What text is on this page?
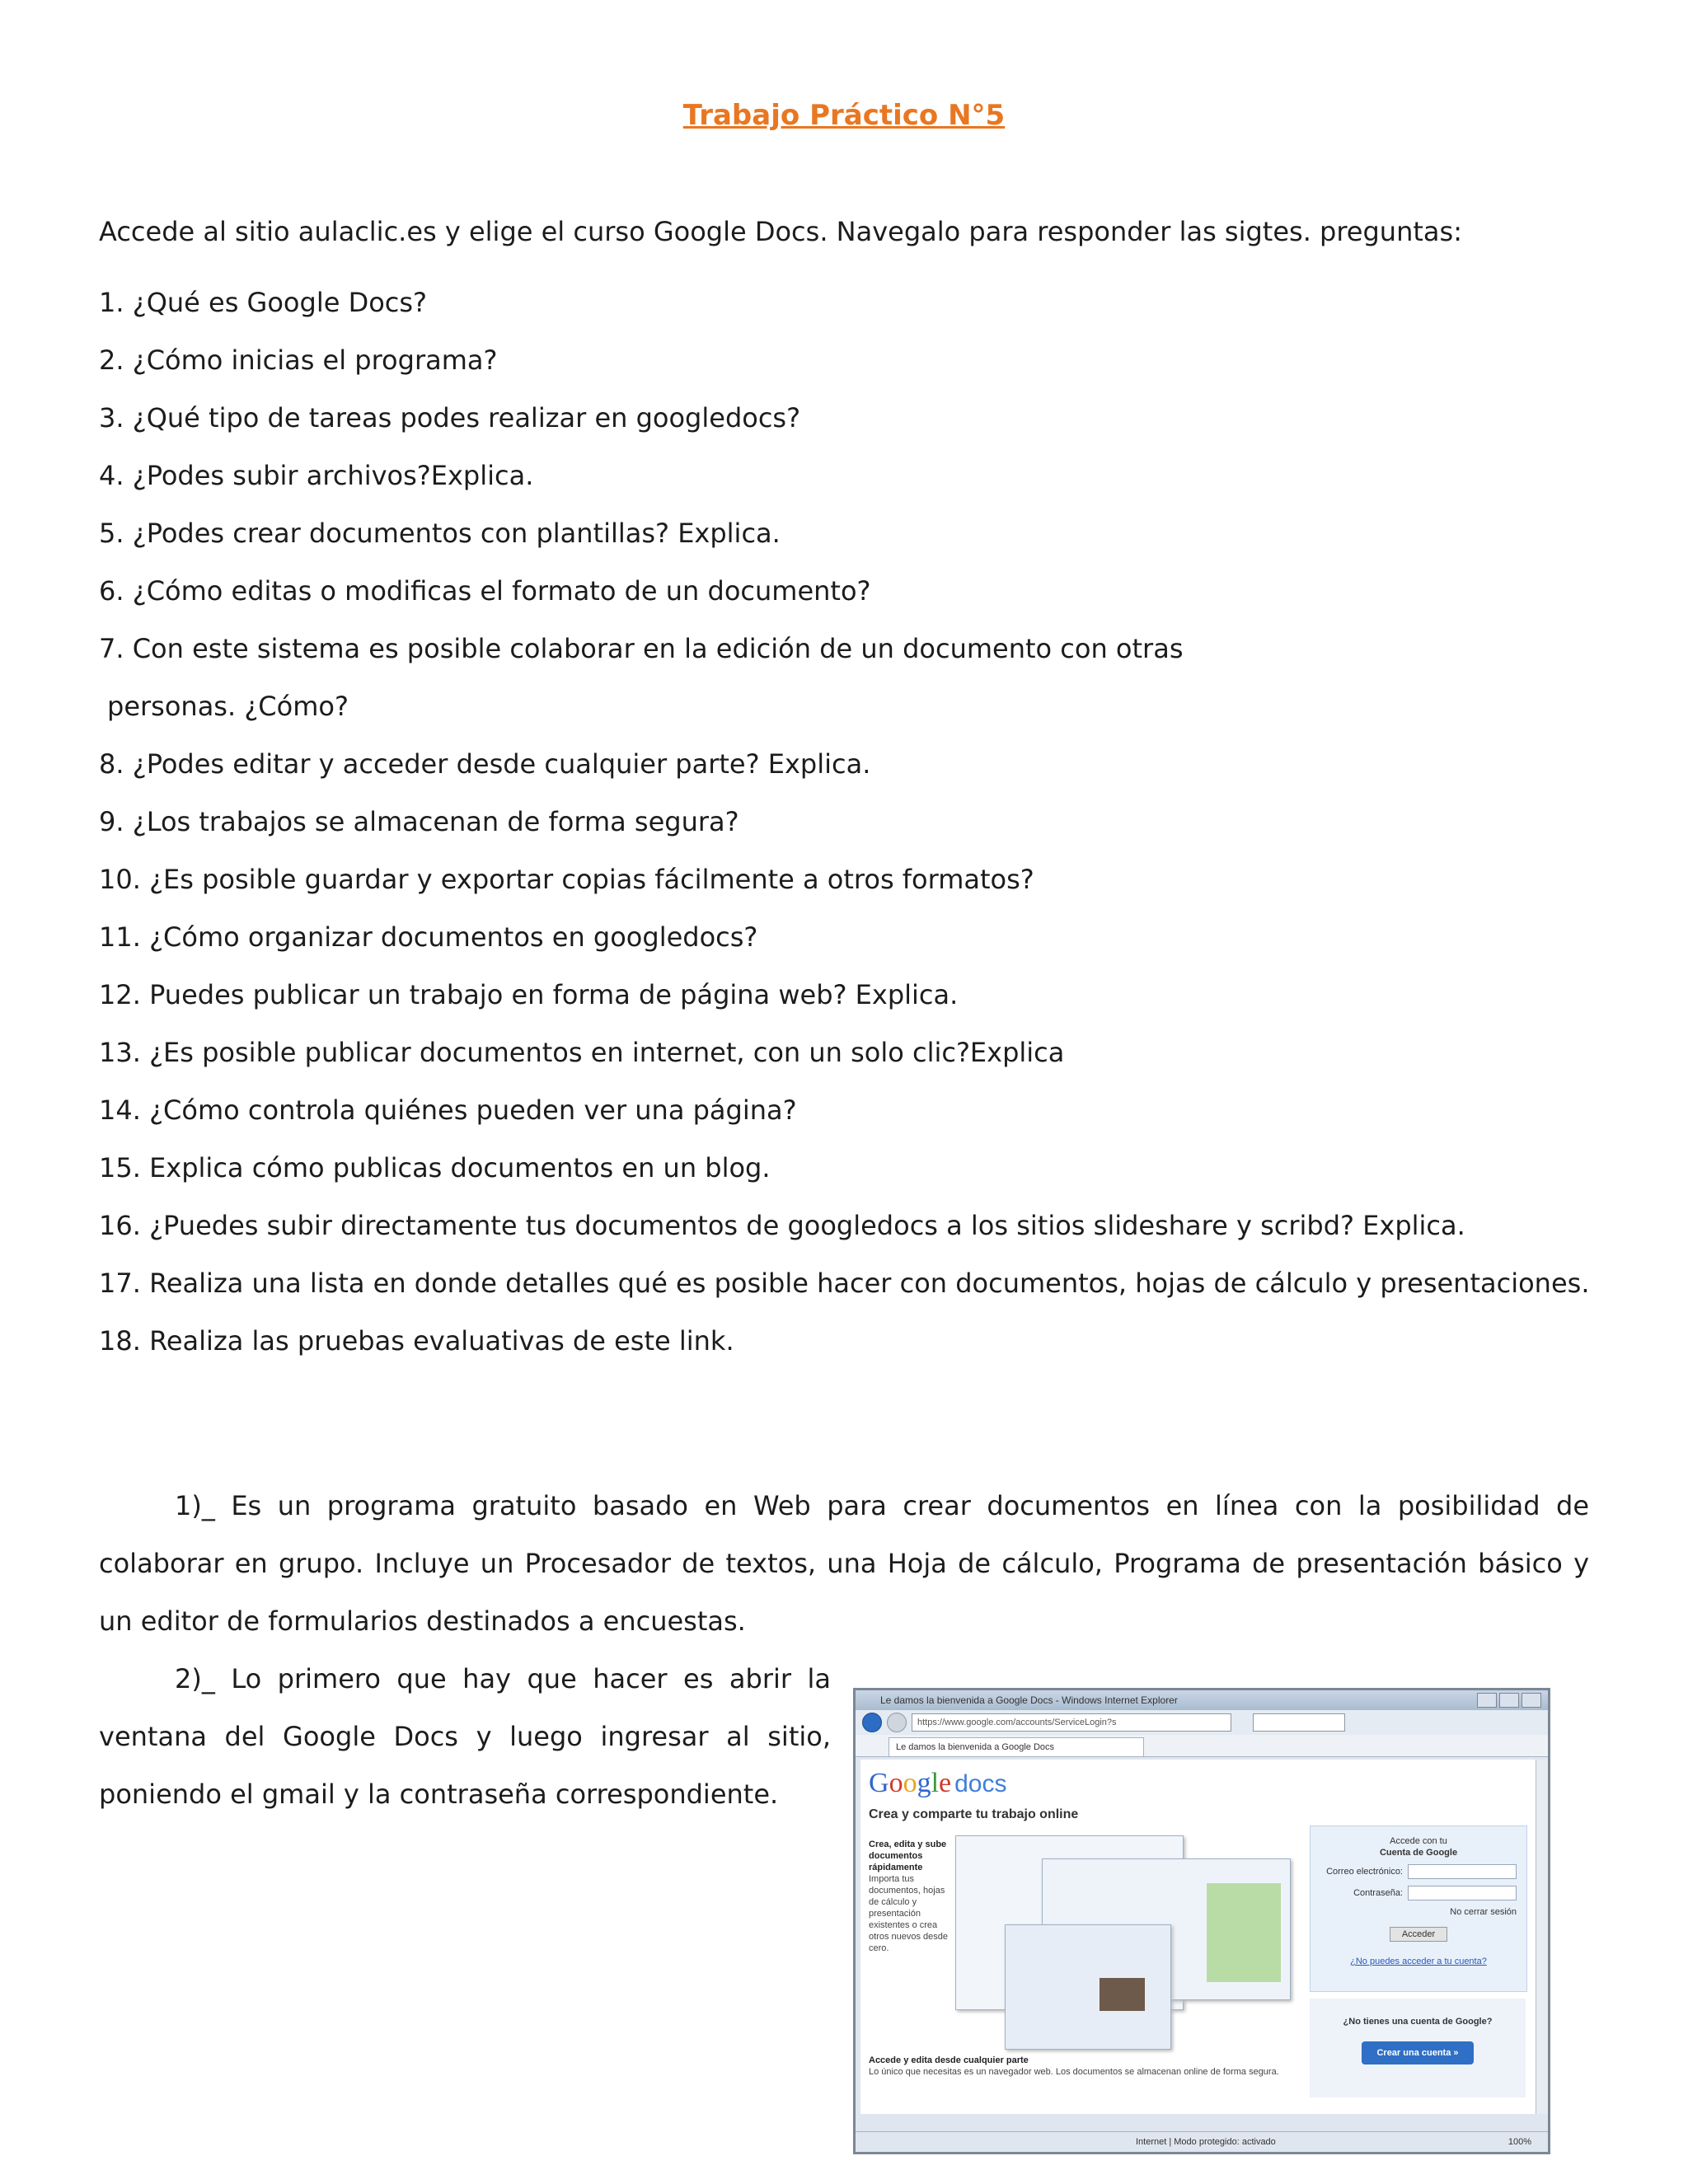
Trabajo Práctico N°5
Accede al sitio aulaclic.es y elige el curso Google Docs. Navegalo para responder las sigtes. preguntas:
1. ¿Qué es Google Docs?
2. ¿Cómo inicias el programa?
3. ¿Qué tipo de tareas podes realizar en googledocs?
4. ¿Podes subir archivos?Explica.
5. ¿Podes crear documentos con plantillas? Explica.
6. ¿Cómo editas o modificas el formato de un documento?
7. Con este sistema es posible colaborar en la edición de un documento con otras
personas. ¿Cómo?
8. ¿Podes editar y acceder desde cualquier parte? Explica.
9. ¿Los trabajos se almacenan de forma segura?
10. ¿Es posible guardar y exportar copias fácilmente a otros formatos?
11. ¿Cómo organizar documentos en googledocs?
12. Puedes publicar un trabajo en forma de página web? Explica.
13. ¿Es posible publicar documentos en internet, con un solo clic?Explica
14. ¿Cómo controla quiénes pueden ver una página?
15. Explica cómo publicas documentos en un blog.
16. ¿Puedes subir directamente tus documentos de googledocs a los sitios slideshare y scribd? Explica.
17. Realiza una lista en donde detalles qué es posible hacer con documentos, hojas de cálculo y presentaciones.
18. Realiza las pruebas evaluativas de este link.
1)_ Es un programa gratuito basado en Web para crear documentos en línea con la posibilidad de colaborar en grupo. Incluye un Procesador de textos, una Hoja de cálculo, Programa de presentación básico y un editor de formularios destinados a encuestas.
2)_ Lo primero que hay que hacer es abrir la ventana del Google Docs y luego ingresar al sitio, poniendo el gmail y la contraseña correspondiente.
Le damos la bienvenida a Google Docs - Windows Internet Explorer
https://www.google.com/accounts/ServiceLogin?s
Le damos la bienvenida a Google Docs
Google docs
Crea y comparte tu trabajo online
Crea, edita y sube documentos rápidamente
Importa tus documentos, hojas de cálculo y presentación existentes o crea otros nuevos desde cero.
Accede con tu
Cuenta de Google
Correo electrónico:
Contraseña:
No cerrar sesión
Acceder
¿No puedes acceder a tu cuenta?
¿No tienes una cuenta de Google?
Crear una cuenta »
Accede y edita desde cualquier parte
Lo único que necesitas es un navegador web. Los documentos se almacenan online de forma segura.
Internet | Modo protegido: activado	100%
